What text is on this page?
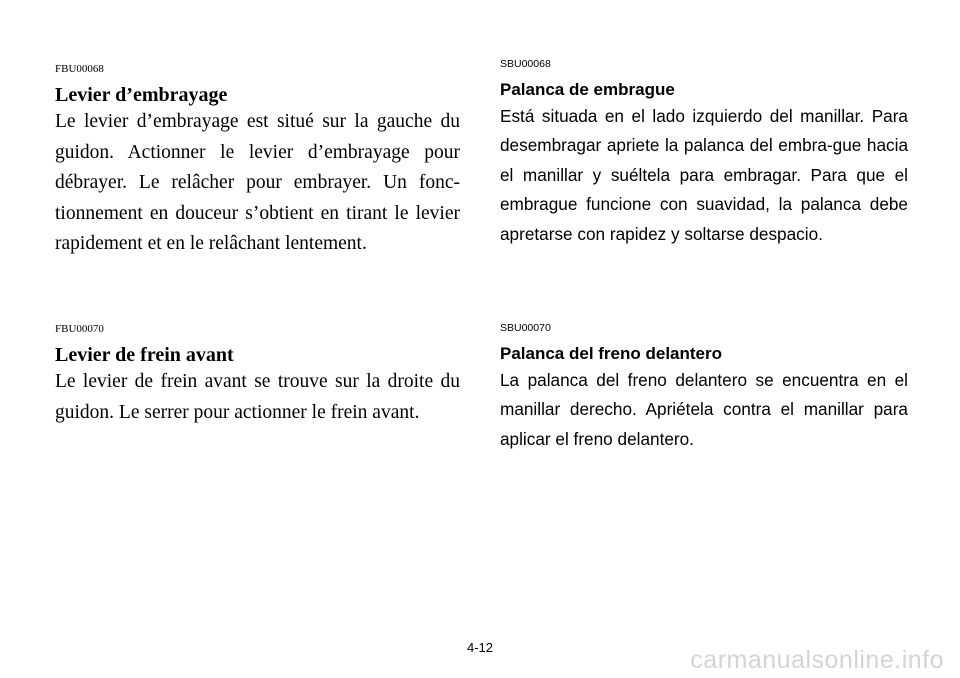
FBU00068

Levier d’embrayage

Le levier d’embrayage est situé sur la gauche du guidon. Actionner le levier d’embrayage pour débrayer. Le relâcher pour embrayer. Un fonc-tionnement en douceur s’obtient en tirant le levier rapidement et en le relâchant lentement.

FBU00070

Levier de frein avant

Le levier de frein avant se trouve sur la droite du guidon. Le serrer pour actionner le frein avant.

SBU00068

Palanca de embrague

Está situada en el lado izquierdo del manillar. Para desembragar apriete la palanca del embra-gue hacia el manillar y suéltela para embragar. Para que el embrague funcione con suavidad, la palanca debe apretarse con rapidez y soltarse despacio.

SBU00070

Palanca del freno delantero

La palanca del freno delantero se encuentra en el manillar derecho. Apriétela contra el manillar para aplicar el freno delantero.

4-12	carmanualsonline.info
